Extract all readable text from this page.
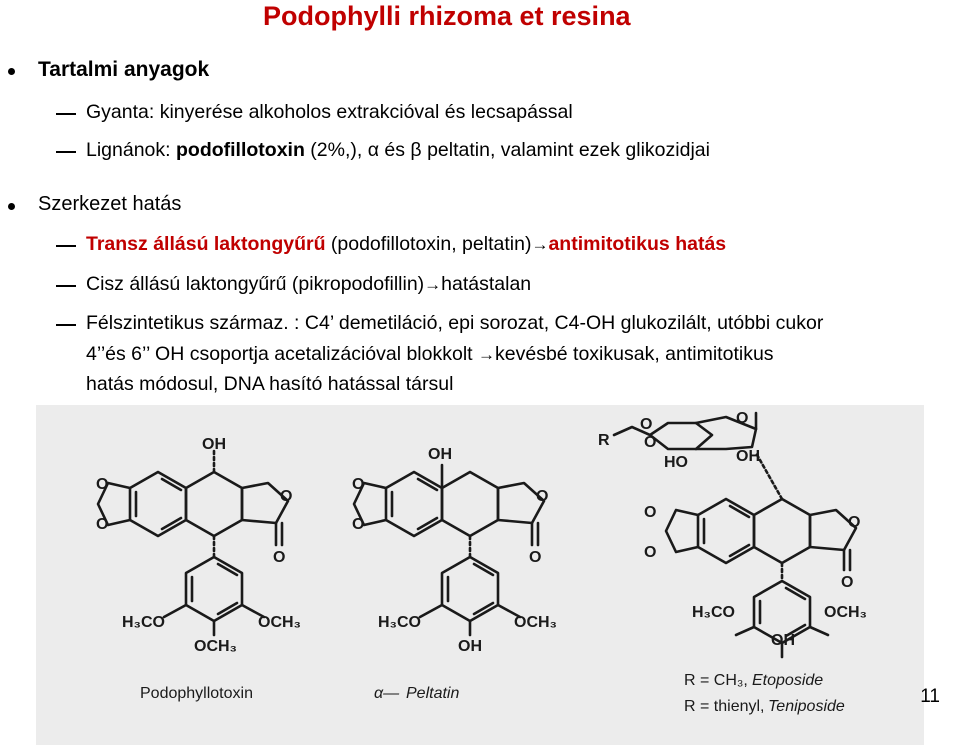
Podophylli rhizoma et resina
Tartalmi anyagok
Gyanta: kinyerése alkoholos extrakcióval és lecsapással
Lignánok: podofillotoxin (2%,), α és β peltatin, valamint ezek glikozidjai
Szerkezet hatás
Transz állású laktongyűrű (podofillotoxin, peltatin)→antimitotikus hatás
Cisz állású laktongyűrű (pikropodofillin)→hatástalan
Félszintetikus származ. : C4’ demetiláció, epi sorozat, C4-OH glukozilált, utóbbi cukor
4’’és 6’’ OH csoportja acetalizációval blokkolt →kevésbé toxikusak, antimitotikus
hatás módosul, DNA hasító hatással társul
OH
O
O
O
O
H₃CO	OCH₃
OCH₃
OH
O
O
O
O
H₃CO	OCH₃
OH
R
O
O
O
HO	OH
O
O
O
O
H₃CO	OCH₃
OH
Podophyllotoxin	α— Peltatin
R = CH₃, Etoposide
R = thienyl, Teniposide	11
